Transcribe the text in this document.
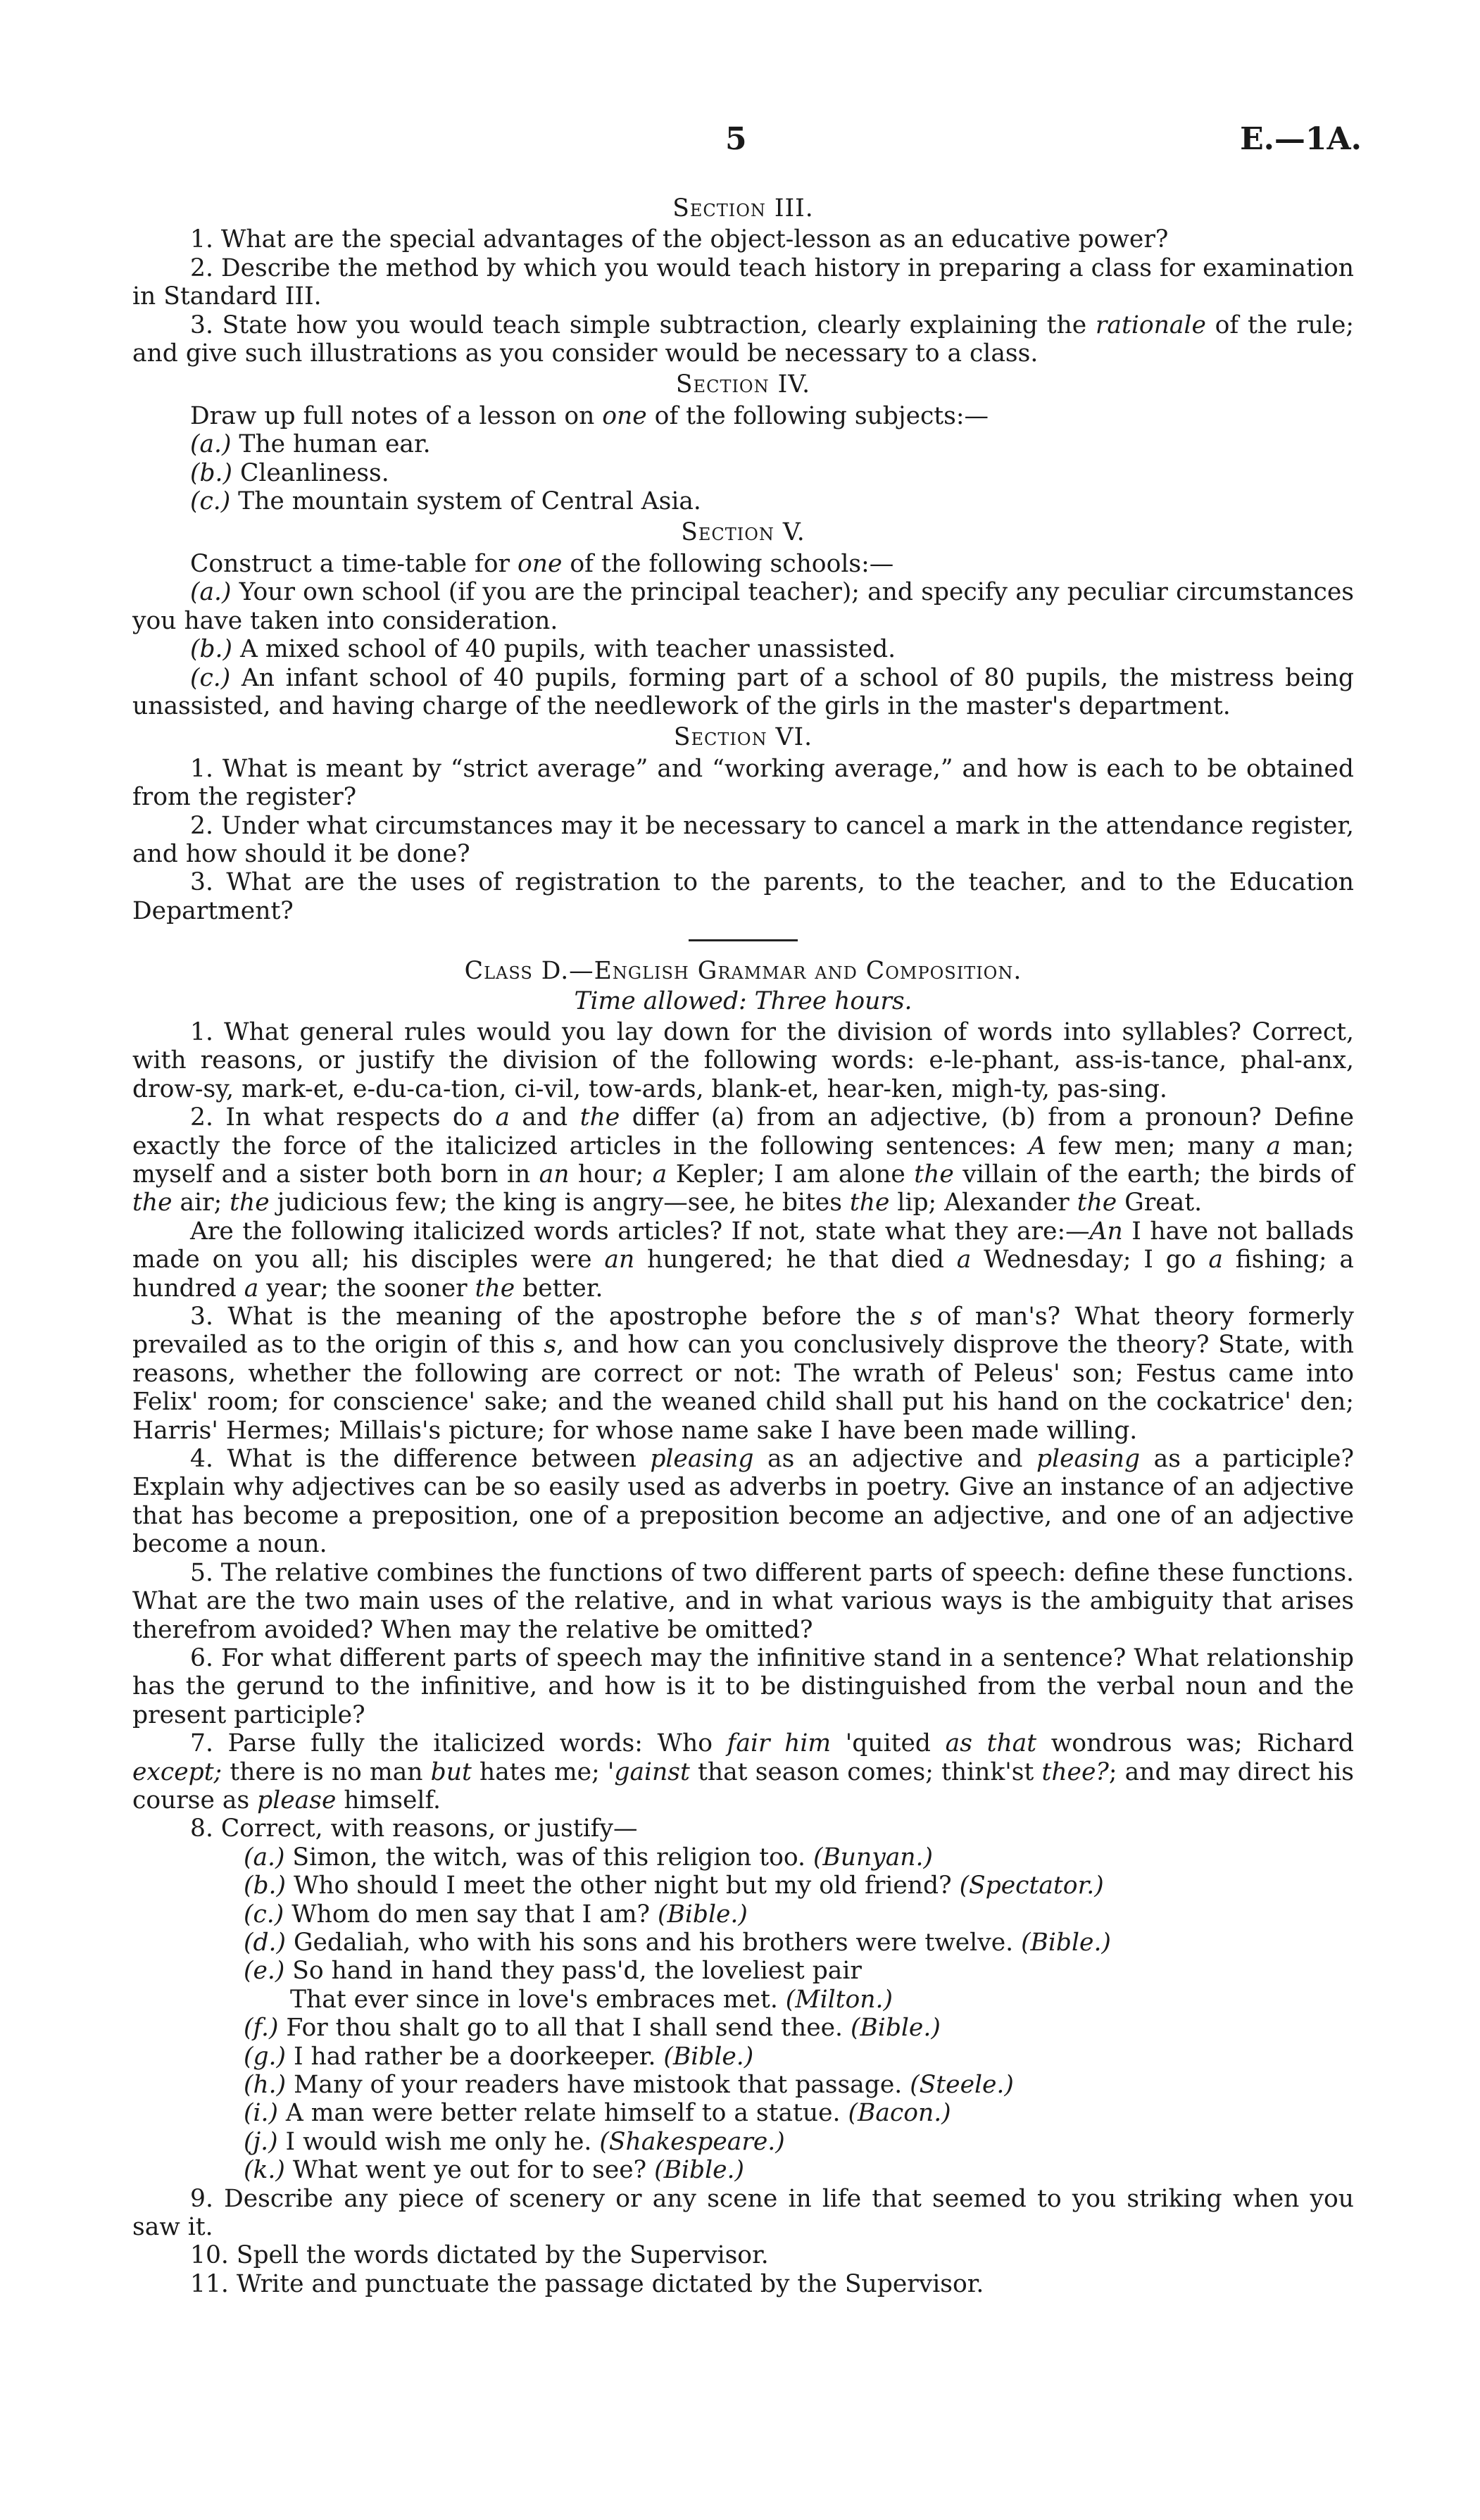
5	E.—1A.

Section III.

1. What are the special advantages of the object-lesson as an educative power?

2. Describe the method by which you would teach history in preparing a class for examination in Standard III.

3. State how you would teach simple subtraction, clearly explaining the rationale of the rule; and give such illustrations as you consider would be necessary to a class.

Section IV.

Draw up full notes of a lesson on one of the following subjects:—

(a.) The human ear.

(b.) Cleanliness.

(c.) The mountain system of Central Asia.

Section V.

Construct a time-table for one of the following schools:—

(a.) Your own school (if you are the principal teacher); and specify any peculiar circumstances you have taken into consideration.

(b.) A mixed school of 40 pupils, with teacher unassisted.

(c.) An infant school of 40 pupils, forming part of a school of 80 pupils, the mistress being unassisted, and having charge of the needlework of the girls in the master's department.

Section VI.

1. What is meant by “strict average” and “working average,” and how is each to be obtained from the register?

2. Under what circumstances may it be necessary to cancel a mark in the attendance register, and how should it be done?

3. What are the uses of registration to the parents, to the teacher, and to the Education Department?

Class D.—English Grammar and Composition.

Time allowed: Three hours.

1. What general rules would you lay down for the division of words into syllables? Correct, with reasons, or justify the division of the following words: e-le-phant, ass-is-tance, phal-anx, drow-sy, mark-et, e-du-ca-tion, ci-vil, tow-ards, blank-et, hear-ken, migh-ty, pas-sing.

2. In what respects do a and the differ (a) from an adjective, (b) from a pronoun? Define exactly the force of the italicized articles in the following sentences: A few men; many a man; myself and a sister both born in an hour; a Kepler; I am alone the villain of the earth; the birds of the air; the judicious few; the king is angry—see, he bites the lip; Alexander the Great.

Are the following italicized words articles? If not, state what they are:—An I have not ballads made on you all; his disciples were an hungered; he that died a Wednesday; I go a fishing; a hundred a year; the sooner the better.

3. What is the meaning of the apostrophe before the s of man's? What theory formerly prevailed as to the origin of this s, and how can you conclusively disprove the theory? State, with reasons, whether the following are correct or not: The wrath of Peleus' son; Festus came into Felix' room; for conscience' sake; and the weaned child shall put his hand on the cockatrice' den; Harris' Hermes; Millais's picture; for whose name sake I have been made willing.

4. What is the difference between pleasing as an adjective and pleasing as a participle? Explain why adjectives can be so easily used as adverbs in poetry. Give an instance of an adjective that has become a preposition, one of a preposition become an adjective, and one of an adjective become a noun.

5. The relative combines the functions of two different parts of speech: define these functions. What are the two main uses of the relative, and in what various ways is the ambiguity that arises therefrom avoided? When may the relative be omitted?

6. For what different parts of speech may the infinitive stand in a sentence? What relationship has the gerund to the infinitive, and how is it to be distinguished from the verbal noun and the present participle?

7. Parse fully the italicized words: Who fair him 'quited as that wondrous was; Richard except; there is no man but hates me; 'gainst that season comes; think'st thee?; and may direct his course as please himself.

8. Correct, with reasons, or justify—

(a.) Simon, the witch, was of this religion too. (Bunyan.)

(b.) Who should I meet the other night but my old friend? (Spectator.)

(c.) Whom do men say that I am? (Bible.)

(d.) Gedaliah, who with his sons and his brothers were twelve. (Bible.)

(e.) So hand in hand they pass'd, the loveliest pair

That ever since in love's embraces met. (Milton.)

(f.) For thou shalt go to all that I shall send thee. (Bible.)

(g.) I had rather be a doorkeeper. (Bible.)

(h.) Many of your readers have mistook that passage. (Steele.)

(i.) A man were better relate himself to a statue. (Bacon.)

(j.) I would wish me only he. (Shakespeare.)

(k.) What went ye out for to see? (Bible.)

9. Describe any piece of scenery or any scene in life that seemed to you striking when you saw it.

10. Spell the words dictated by the Supervisor.

11. Write and punctuate the passage dictated by the Supervisor.
